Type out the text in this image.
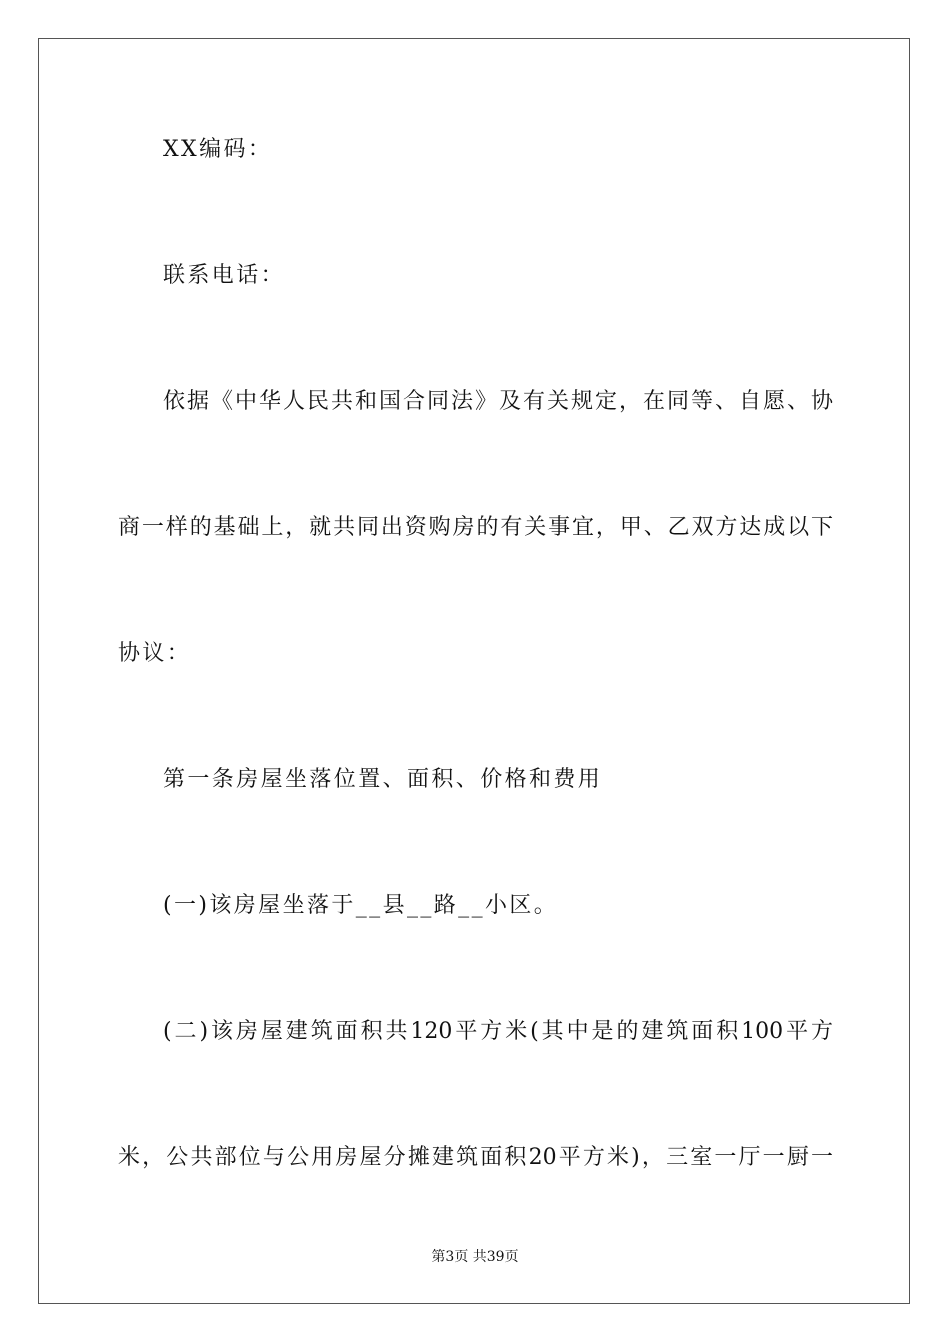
XX编码：
联系电话：
依据《中华人民共和国合同法》及有关规定，在同等、自愿、协
商一样的基础上，就共同出资购房的有关事宜，甲、乙双方达成以下
协议：
第一条房屋坐落位置、面积、价格和费用
(一)该房屋坐落于__县__路__小区。
(二)该房屋建筑面积共120平方米(其中是的建筑面积100平方
米，公共部位与公用房屋分摊建筑面积20平方米)，三室一厅一厨一
第3页 共39页
